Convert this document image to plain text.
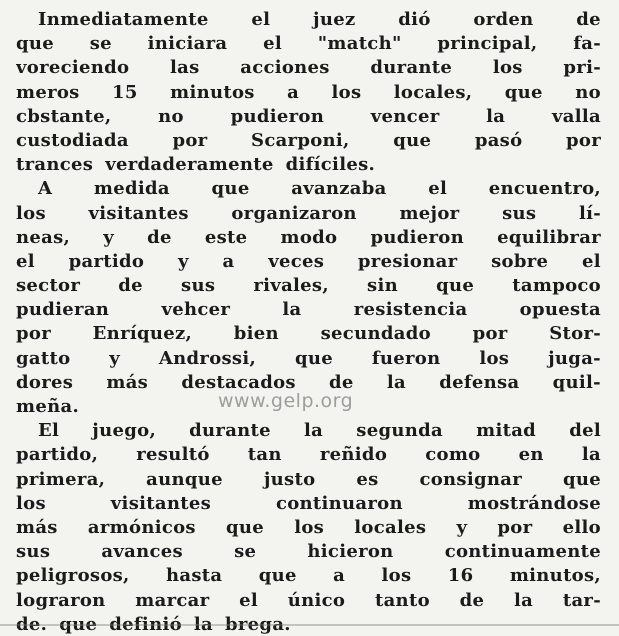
Inmediatamente el juez dió orden de
que se iniciara el "match" principal, fa-
voreciendo las acciones durante los pri-
meros 15 minutos a los locales, que no
cbstante,	no	pudieron	vencer	la	valla
custodiada por Scarponi, que pasó por
trances verdaderamente difíciles.
A medida que avanzaba el encuentro,
los visitantes organizaron mejor sus lí-
neas, y de este modo pudieron equilibrar
el partido y a veces presionar sobre el
sector de sus rivales, sin que tampoco
pudieran	vehcer	la	resistencia	opuesta
por Enríquez, bien secundado por Stor-
gatto y Androssi, que fueron los juga-
dores más destacados de la defensa quil-
meña.
El juego, durante la segunda mitad del
partido, resultó tan reñido como en la
primera, aunque justo es consignar que
los	visitantes	continuaron	mostrándose
más armónicos que los locales y por ello
sus	avances	se	hicieron	continuamente
peligrosos, hasta que a los 16 minutos,
lograron marcar el único tanto de la tar-
de. que definió la brega.
www.gelp.org
